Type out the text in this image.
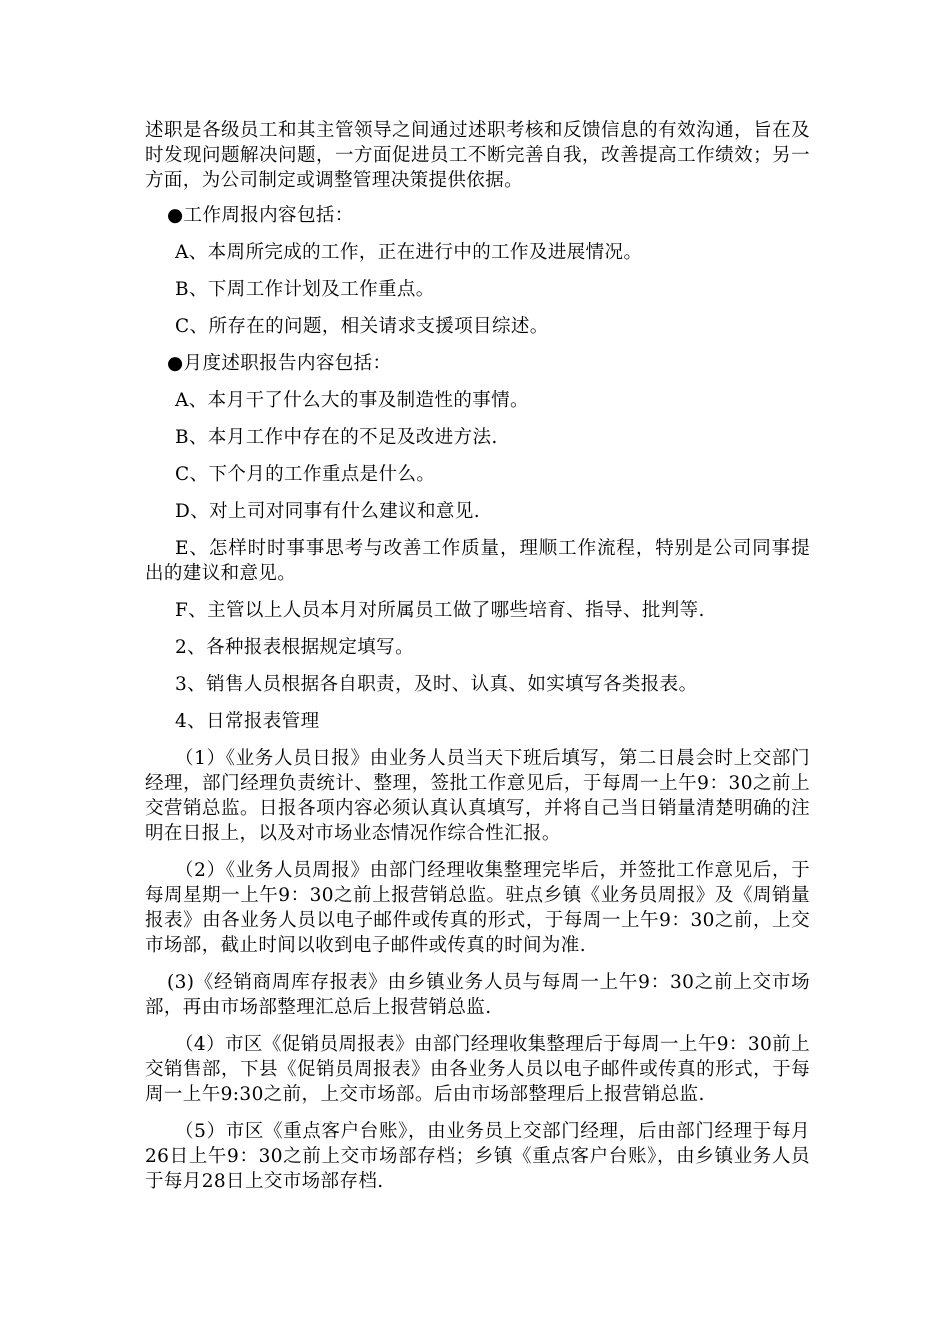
述职是各级员工和其主管领导之间通过述职考核和反馈信息的有效沟通，旨在及时发现问题解决问题，一方面促进员工不断完善自我，改善提高工作绩效；另一方面，为公司制定或调整管理决策提供依据。

●工作周报内容包括：

A、本周所完成的工作，正在进行中的工作及进展情况。

B、下周工作计划及工作重点。

C、所存在的问题，相关请求支援项目综述。

●月度述职报告内容包括：

A、本月干了什么大的事及制造性的事情。

B、本月工作中存在的不足及改进方法.

C、下个月的工作重点是什么。

D、对上司对同事有什么建议和意见.

E、怎样时时事事思考与改善工作质量，理顺工作流程，特别是公司同事提出的建议和意见。

F、主管以上人员本月对所属员工做了哪些培育、指导、批判等.

2、各种报表根据规定填写。

3、销售人员根据各自职责，及时、认真、如实填写各类报表。

4、日常报表管理

（1）《业务人员日报》由业务人员当天下班后填写，第二日晨会时上交部门经理，部门经理负责统计、整理，签批工作意见后，于每周一上午9：30之前上交营销总监。日报各项内容必须认真认真填写，并将自己当日销量清楚明确的注明在日报上，以及对市场业态情况作综合性汇报。

（2）《业务人员周报》由部门经理收集整理完毕后，并签批工作意见后，于每周星期一上午9：30之前上报营销总监。驻点乡镇《业务员周报》及《周销量报表》由各业务人员以电子邮件或传真的形式，于每周一上午9：30之前，上交市场部，截止时间以收到电子邮件或传真的时间为准.

(3)《经销商周库存报表》由乡镇业务人员与每周一上午9：30之前上交市场部，再由市场部整理汇总后上报营销总监.

（4）市区《促销员周报表》由部门经理收集整理后于每周一上午9：30前上交销售部，下县《促销员周报表》由各业务人员以电子邮件或传真的形式，于每周一上午9:30之前，上交市场部。后由市场部整理后上报营销总监.

（5）市区《重点客户台账》，由业务员上交部门经理，后由部门经理于每月26日上午9：30之前上交市场部存档；乡镇《重点客户台账》，由乡镇业务人员于每月28日上交市场部存档.
